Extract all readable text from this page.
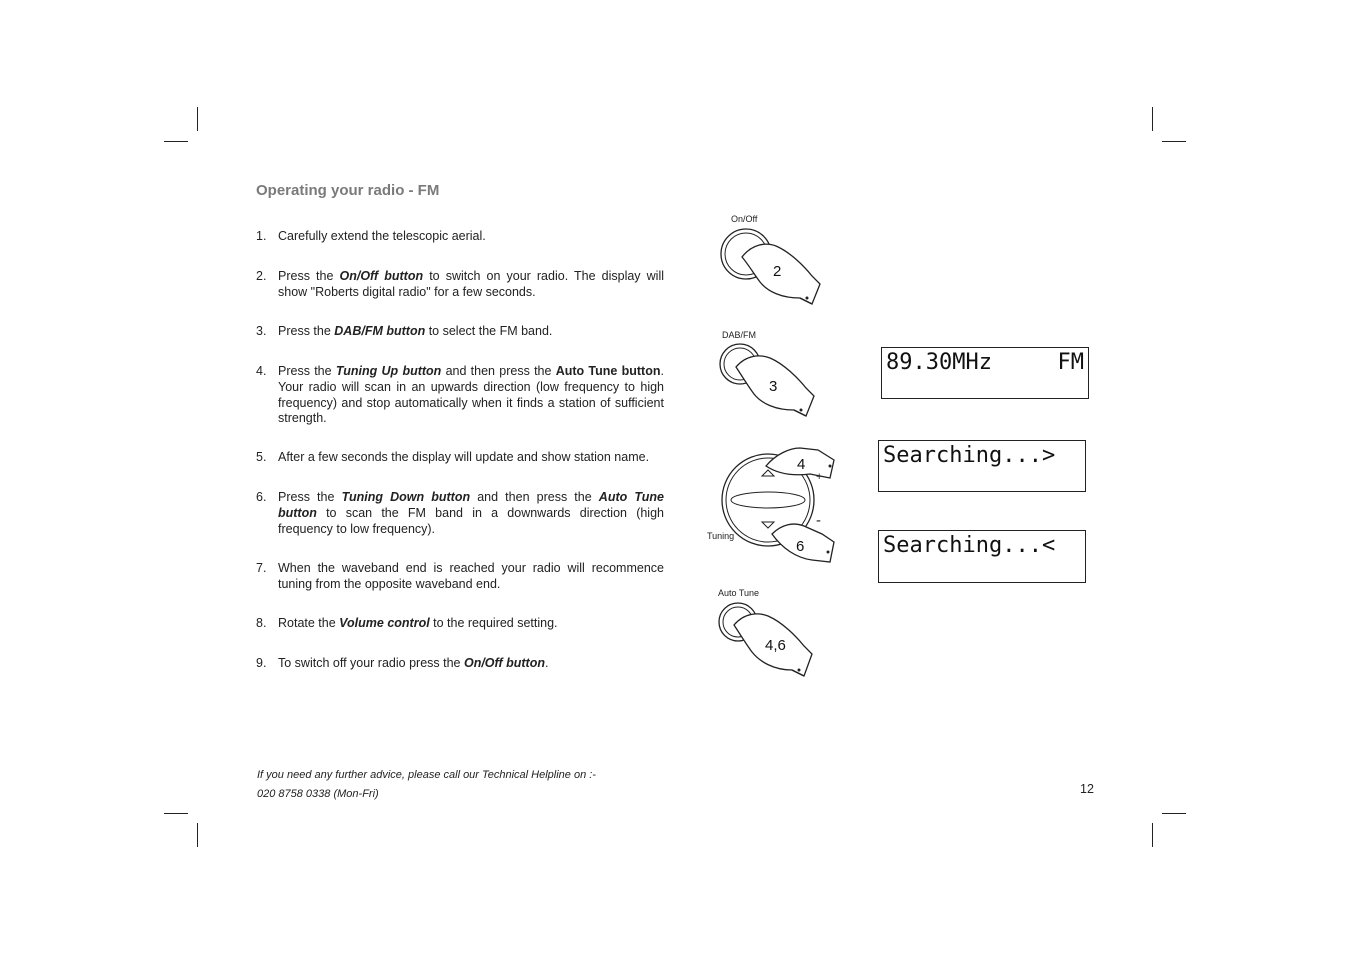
Operating your radio - FM
1. Carefully extend the telescopic aerial.
2. Press the On/Off button to switch on your radio. The display will show "Roberts digital radio" for a few seconds.
3. Press the DAB/FM button to select the FM band.
4. Press the Tuning Up button and then press the Auto Tune button. Your radio will scan in an upwards direction (low frequency to high frequency) and stop automatically when it finds a station of sufficient strength.
5. After a few seconds the display will update and show station name.
6. Press the Tuning Down button and then press the Auto Tune button to scan the FM band in a downwards direction (high frequency to low frequency).
7. When the waveband end is reached your radio will recommence tuning from the opposite waveband end.
8. Rotate the Volume control to the required setting.
9. To switch off your radio press the On/Off button.
On/Off
2
DAB/FM
3
4
6
+
-
Tuning
Auto Tune
4,6
89.30MHz	FM
Searching...>
Searching...<
If you need any further advice, please call our Technical Helpline on :-
020 8758 0338 (Mon-Fri)	12
